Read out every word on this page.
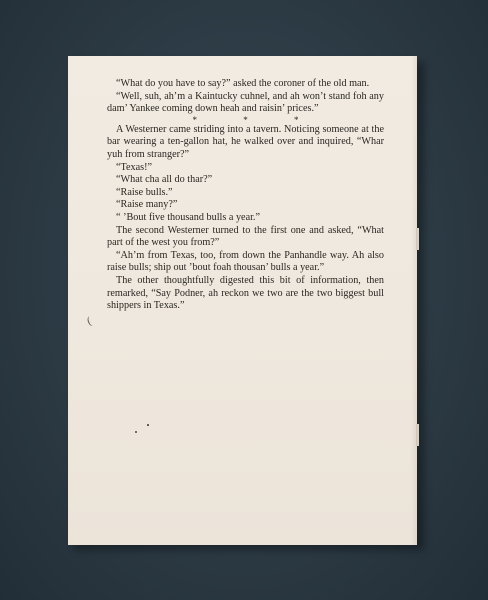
“What do you have to say?” asked the coroner of the old man.

“Well, suh, ah’m a Kaintucky cuhnel, and ah won’t stand foh any dam’ Yankee coming down heah and raisin’ prices.”

* * *

A Westerner came striding into a tavern. Noticing someone at the bar wearing a ten-gallon hat, he walked over and inquired, “Whar yuh from stranger?”

“Texas!”

“What cha all do thar?”

“Raise bulls.”

“Raise many?”

“ ’Bout five thousand bulls a year.”

The second Westerner turned to the first one and asked, “What part of the west you from?”

“Ah’m from Texas, too, from down the Panhandle way. Ah also raise bulls; ship out ’bout foah thousan’ bulls a year.”

The other thoughtfully digested this bit of information, then remarked, “Say Podner, ah reckon we two are the two biggest bull shippers in Texas.”

(
